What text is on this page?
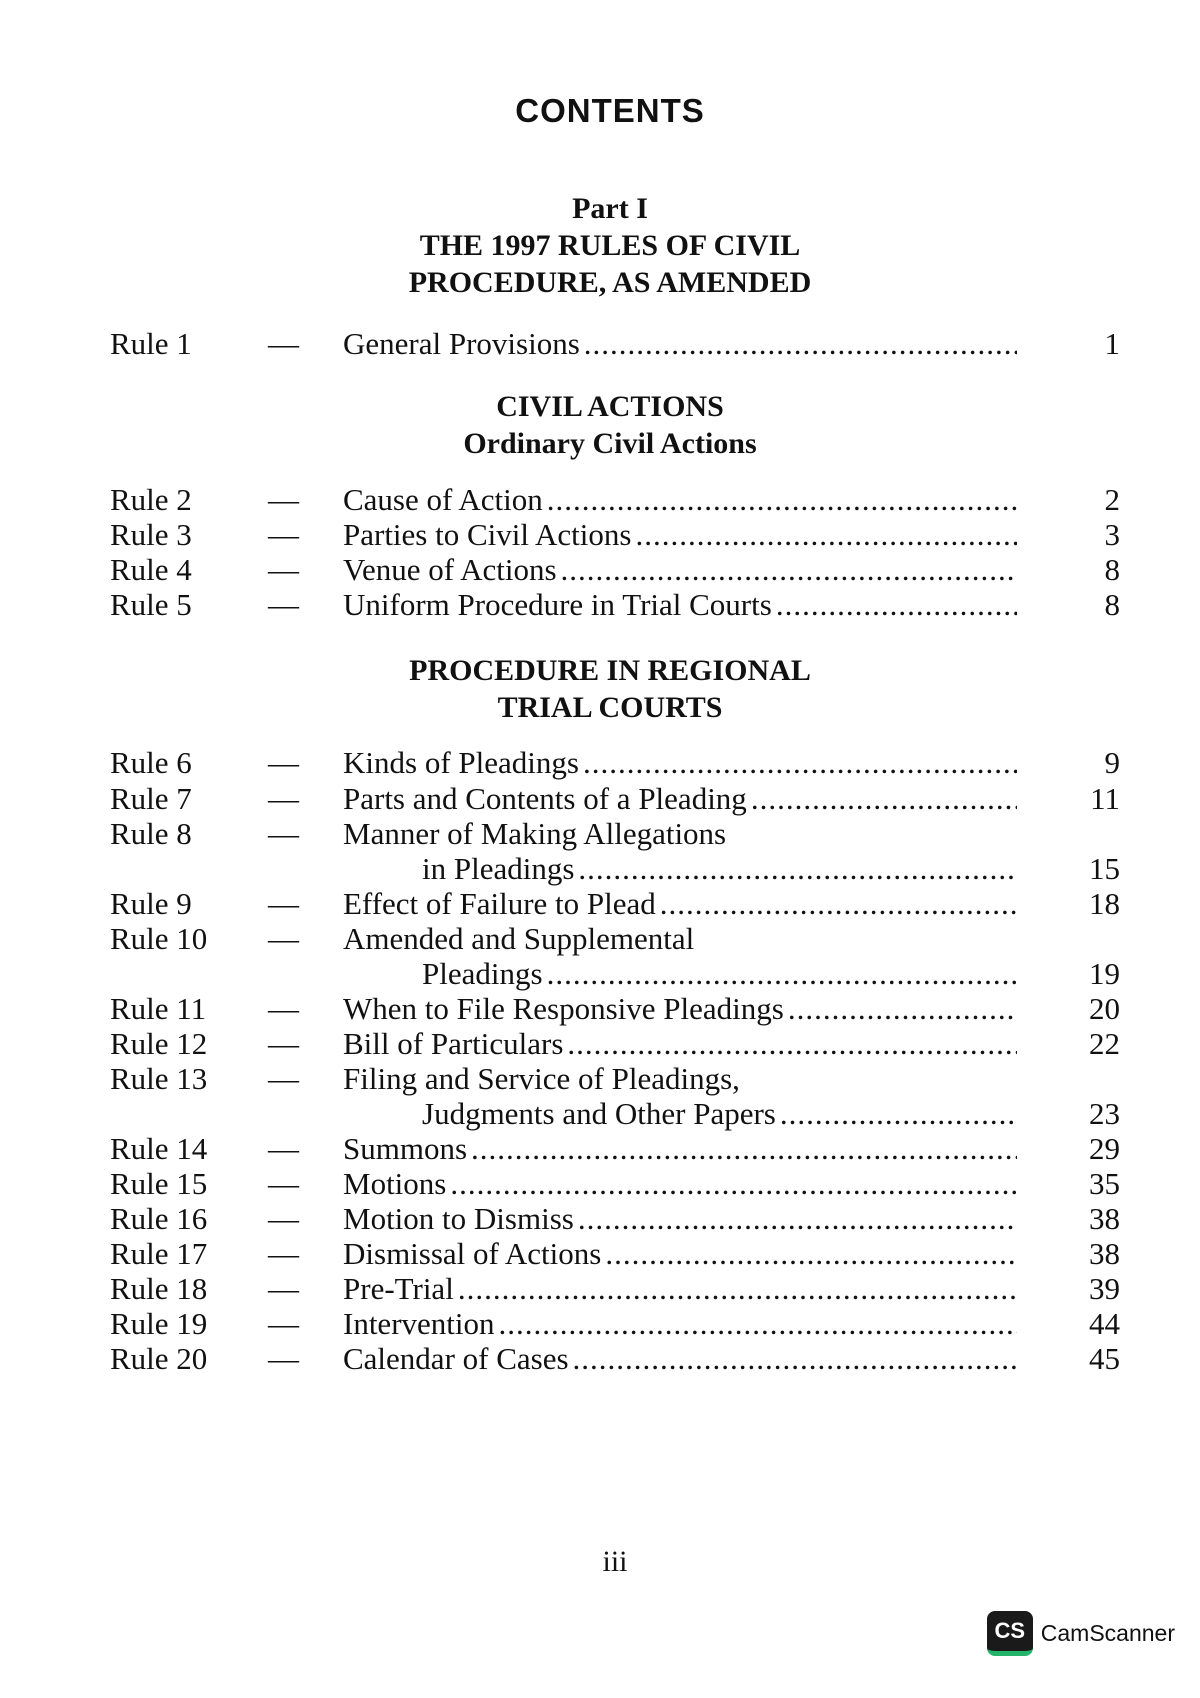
CONTENTS
Part I
THE 1997 RULES OF CIVIL
PROCEDURE, AS AMENDED
Rule 1 — General Provisions .....	1
CIVIL ACTIONS
Ordinary Civil Actions
Rule 2 — Cause of Action .....	2
Rule 3 — Parties to Civil Actions .....	3
Rule 4 — Venue of Actions .....	8
Rule 5 — Uniform Procedure in Trial Courts .....	8
PROCEDURE IN REGIONAL
TRIAL COURTS
Rule 6 — Kinds of Pleadings .....	9
Rule 7 — Parts and Contents of a Pleading .....	11
Rule 8 — Manner of Making Allegations
in Pleadings .....	15
Rule 9 — Effect of Failure to Plead .....	18
Rule 10 — Amended and Supplemental
Pleadings .....	19
Rule 11 — When to File Responsive Pleadings .....	20
Rule 12 — Bill of Particulars .....	22
Rule 13 — Filing and Service of Pleadings,
Judgments and Other Papers .....	23
Rule 14 — Summons .....	29
Rule 15 — Motions .....	35
Rule 16 — Motion to Dismiss .....	38
Rule 17 — Dismissal of Actions .....	38
Rule 18 — Pre-Trial .....	39
Rule 19 — Intervention .....	44
Rule 20 — Calendar of Cases .....	45
iii
CS CamScanner
